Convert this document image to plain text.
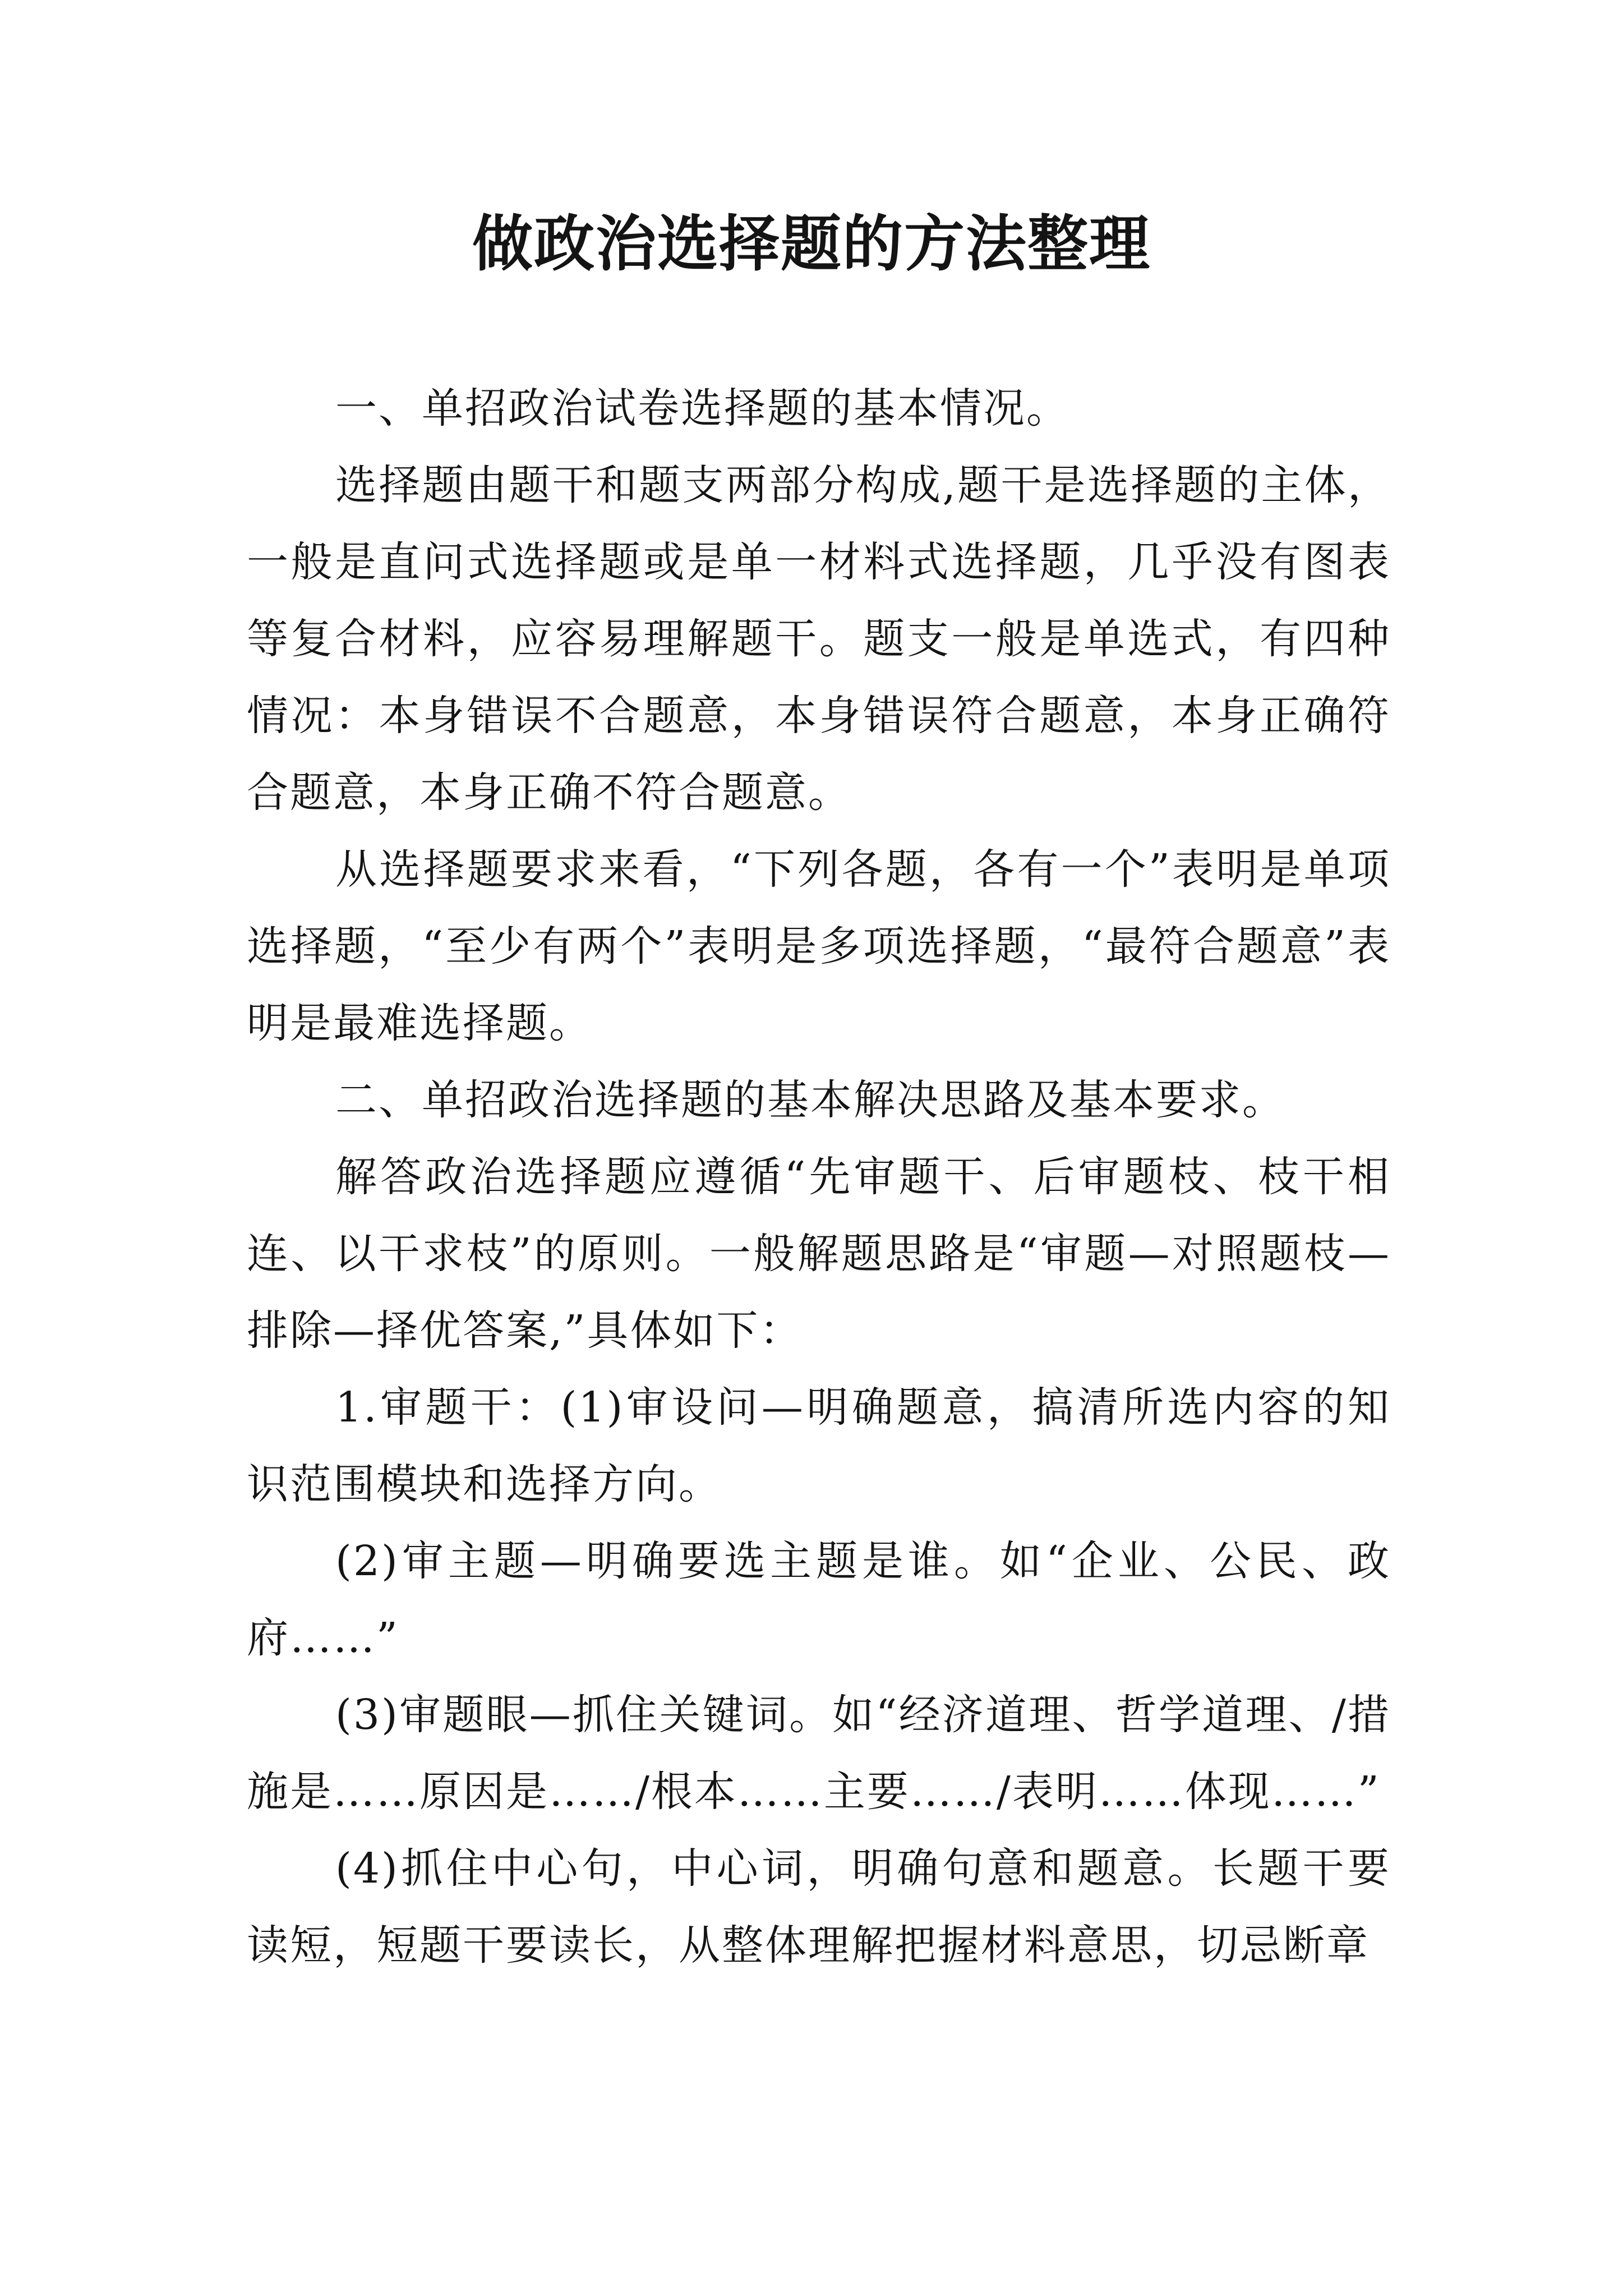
做政治选择题的方法整理

一、单招政治试卷选择题的基本情况。

选择题由题干和题支两部分构成,题干是选择题的主体，一般是直问式选择题或是单一材料式选择题，几乎没有图表等复合材料，应容易理解题干。题支一般是单选式，有四种情况：本身错误不合题意，本身错误符合题意，本身正确符合题意，本身正确不符合题意。

从选择题要求来看，“下列各题，各有一个”表明是单项选择题，“至少有两个”表明是多项选择题，“最符合题意”表明是最难选择题。

二、单招政治选择题的基本解决思路及基本要求。

解答政治选择题应遵循“先审题干、后审题枝、枝干相连、以干求枝”的原则。一般解题思路是“审题—对照题枝—排除—择优答案,”具体如下：

1.审题干：(1)审设问—明确题意，搞清所选内容的知识范围模块和选择方向。

(2)审主题—明确要选主题是谁。如“企业、公民、政府……”

(3)审题眼—抓住关键词。如“经济道理、哲学道理、/措施是……原因是……/根本……主要……/表明……体现……”

(4)抓住中心句，中心词，明确句意和题意。长题干要读短，短题干要读长，从整体理解把握材料意思，切忌断章
